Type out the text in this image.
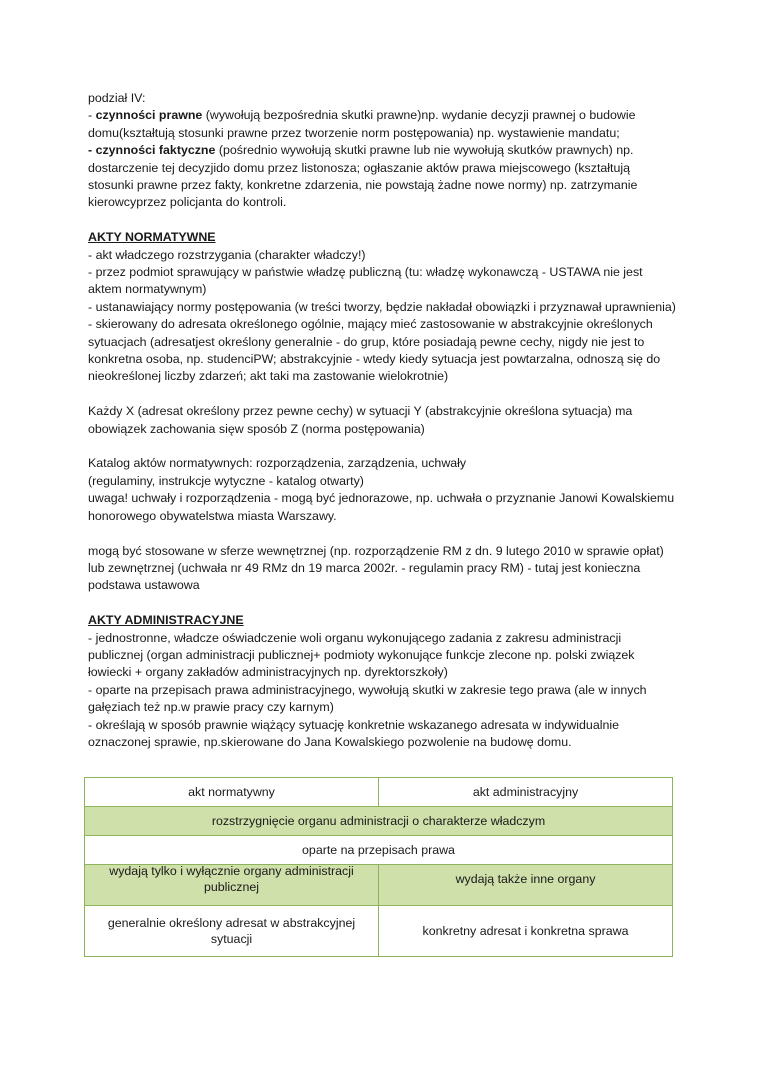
podział IV:

- czynności prawne (wywołują bezpośrednia skutki prawne)np. wydanie decyzji prawnej o budowie domu(kształtują stosunki prawne przez tworzenie norm postępowania) np. wystawienie mandatu;

- czynności faktyczne (pośrednio wywołują skutki prawne lub nie wywołują skutków prawnych) np. dostarczenie tej decyzjido domu przez listonosza; ogłaszanie aktów prawa miejscowego (kształtują stosunki prawne przez fakty, konkretne zdarzenia, nie powstają żadne nowe normy) np. zatrzymanie kierowcyprzez policjanta do kontroli.

AKTY NORMATYWNE

- akt władczego rozstrzygania (charakter władczy!)

- przez podmiot sprawujący w państwie władzę publiczną (tu: władzę wykonawczą - USTAWA nie jest aktem normatywnym)

- ustanawiający normy postępowania (w treści tworzy, będzie nakładał obowiązki i przyznawał uprawnienia)

- skierowany do adresata określonego ogólnie, mający mieć zastosowanie w abstrakcyjnie określonych sytuacjach (adresatjest określony generalnie - do grup, które posiadają pewne cechy, nigdy nie jest to konkretna osoba, np. studenciPW; abstrakcyjnie - wtedy kiedy sytuacja jest powtarzalna, odnoszą się do nieokreślonej liczby zdarzeń; akt taki ma zastowanie wielokrotnie)

Każdy X (adresat określony przez pewne cechy) w sytuacji Y (abstrakcyjnie określona sytuacja) ma obowiązek zachowania sięw sposób Z (norma postępowania)

Katalog aktów normatywnych: rozporządzenia, zarządzenia, uchwały

(regulaminy, instrukcje wytyczne - katalog otwarty)

uwaga! uchwały i rozporządzenia - mogą być jednorazowe, np. uchwała o przyznanie Janowi Kowalskiemu honorowego obywatelstwa miasta Warszawy.

mogą być stosowane w sferze wewnętrznej (np. rozporządzenie RM z dn. 9 lutego 2010 w sprawie opłat) lub zewnętrznej (uchwała nr 49 RMz dn 19 marca 2002r. - regulamin pracy RM) - tutaj jest konieczna podstawa ustawowa

AKTY ADMINISTRACYJNE

- jednostronne, władcze oświadczenie woli organu wykonującego zadania z zakresu administracji publicznej (organ administracji publicznej+ podmioty wykonujące funkcje zlecone np. polski związek łowiecki + organy zakładów administracyjnych np. dyrektorszkoły)

- oparte na przepisach prawa administracyjnego, wywołują skutki w zakresie tego prawa (ale w innych gałęziach też np.w prawie pracy czy karnym)

- określają w sposób prawnie wiążący sytuację konkretnie wskazanego adresata w indywidualnie oznaczonej sprawie, np.skierowane do Jana Kowalskiego pozwolenie na budowę domu.

akt normatywny	akt administracyjny
rozstrzygnięcie organu administracji o charakterze władczym	
oparte na przepisach prawa	
wydają tylko i wyłącznie organy administracji publicznej	wydają także inne organy
generalnie określony adresat w abstrakcyjnej sytuacji	konkretny adresat i konkretna sprawa
